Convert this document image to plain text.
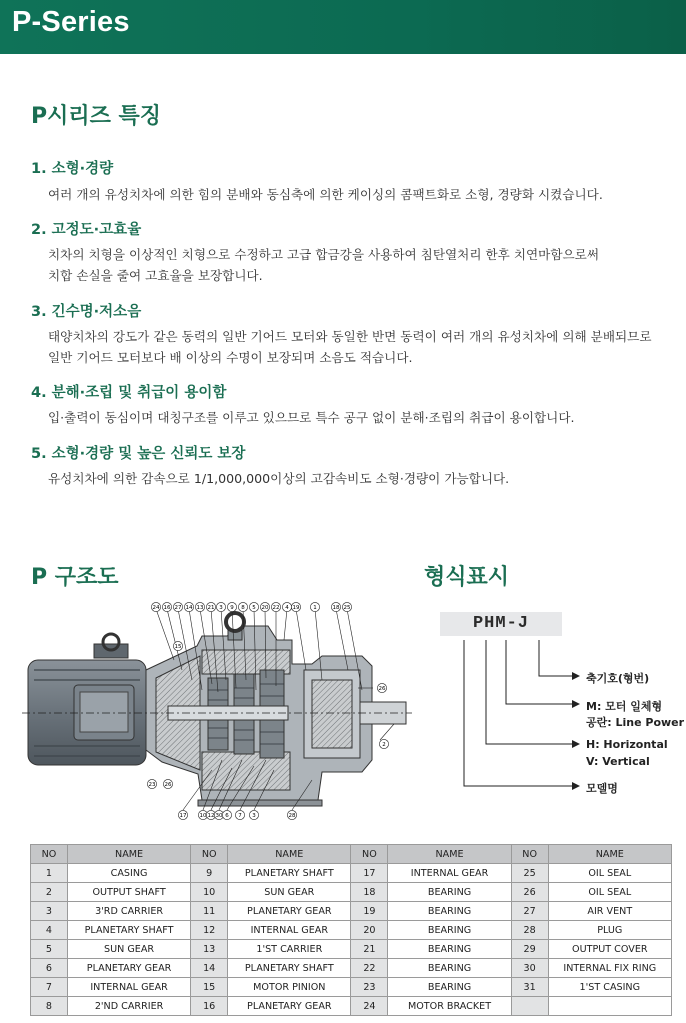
P-Series
P시리즈 특징
1. 소형·경량
여러 개의 유성치차에 의한 힘의 분배와 동심축에 의한 케이싱의 콤팩트화로 소형, 경량화 시켰습니다.
2. 고정도·고효율
치차의 치형을 이상적인 치형으로 수정하고 고급 합금강을 사용하여 침탄열처리 한후 치연마함으로써
치합 손실을 줄여 고효율을 보장합니다.
3. 긴수명·저소음
태양치차의 강도가 같은 동력의 일반 기어드 모터와 동일한 반면 동력이 여러 개의 유성치차에 의해 분배되므로
일반 기어드 모터보다 배 이상의 수명이 보장되며 소음도 적습니다.
4. 분해·조립 및 취급이 용이함
입·출력이 동심이며 대칭구조를 이루고 있으므로 특수 공구 없이 분해·조립의 취급이 용이합니다.
5. 소형·경량 및 높은 신뢰도 보장
유성치차에 의한 감속으로 1/1,000,000이상의 고감속비도 소형·경량이 가능합니다.
P 구조도
24 16 27 14 13 21 3 9 8 5 20 22 4 19	1	18 25
17 10 12 30 6 7 3	28
15
26
2
23 26
형식표시
PHM-J
축기호(형번)
M: 모터 일체형
공란: Line Power
H: Horizontal
V: Vertical
모델명
NO	NAME	NO	NAME	NO	NAME	NO	NAME
1	CASING	9	PLANETARY SHAFT	17	INTERNAL GEAR	25	OIL SEAL
2	OUTPUT SHAFT	10	SUN GEAR	18	BEARING	26	OIL SEAL
3	3'RD CARRIER	11	PLANETARY GEAR	19	BEARING	27	AIR VENT
4	PLANETARY SHAFT	12	INTERNAL GEAR	20	BEARING	28	PLUG
5	SUN GEAR	13	1'ST CARRIER	21	BEARING	29	OUTPUT COVER
6	PLANETARY GEAR	14	PLANETARY SHAFT	22	BEARING	30	INTERNAL FIX RING
7	INTERNAL GEAR	15	MOTOR PINION	23	BEARING	31	1'ST CASING
8	2'ND CARRIER	16	PLANETARY GEAR	24	MOTOR BRACKET		
